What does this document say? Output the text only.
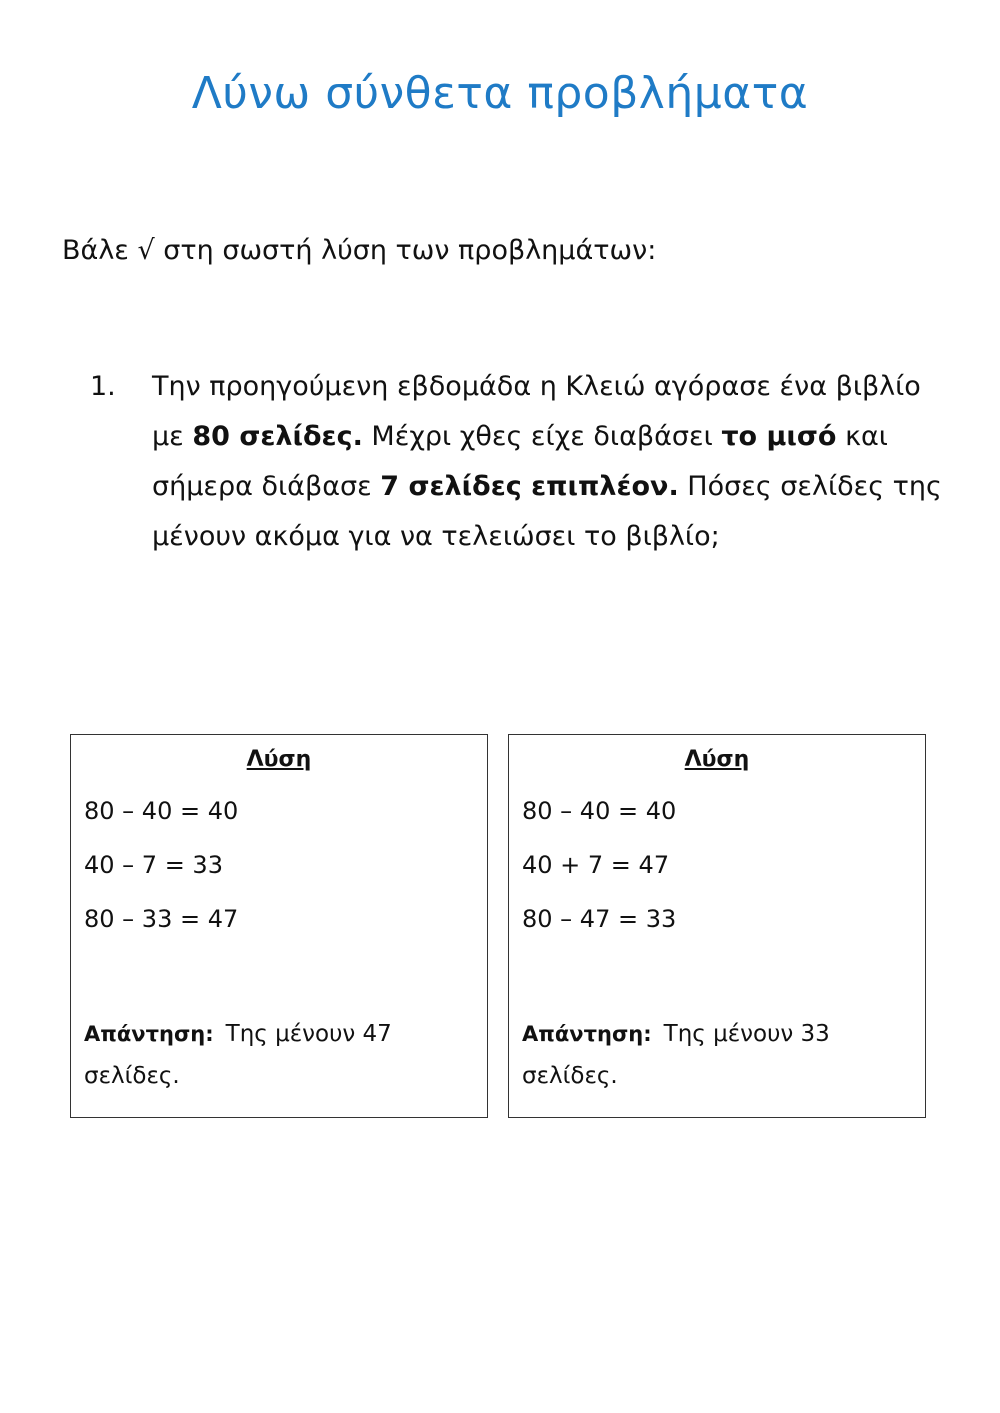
Λύνω σύνθετα προβλήματα

Βάλε √ στη σωστή λύση των προβλημάτων:

1. Την προηγούμενη εβδομάδα η Κλειώ αγόρασε ένα βιβλίο με 80 σελίδες. Μέχρι χθες είχε διαβάσει το μισό και σήμερα διάβασε 7 σελίδες επιπλέον. Πόσες σελίδες της μένουν ακόμα για να τελειώσει το βιβλίο;
Λύση
80 – 40 = 40
40 – 7 = 33
80 – 33 = 47
Απάντηση: Της μένουν 47 σελίδες.
Λύση
80 – 40 = 40
40 + 7 = 47
80 – 47 = 33
Απάντηση: Της μένουν 33 σελίδες.
